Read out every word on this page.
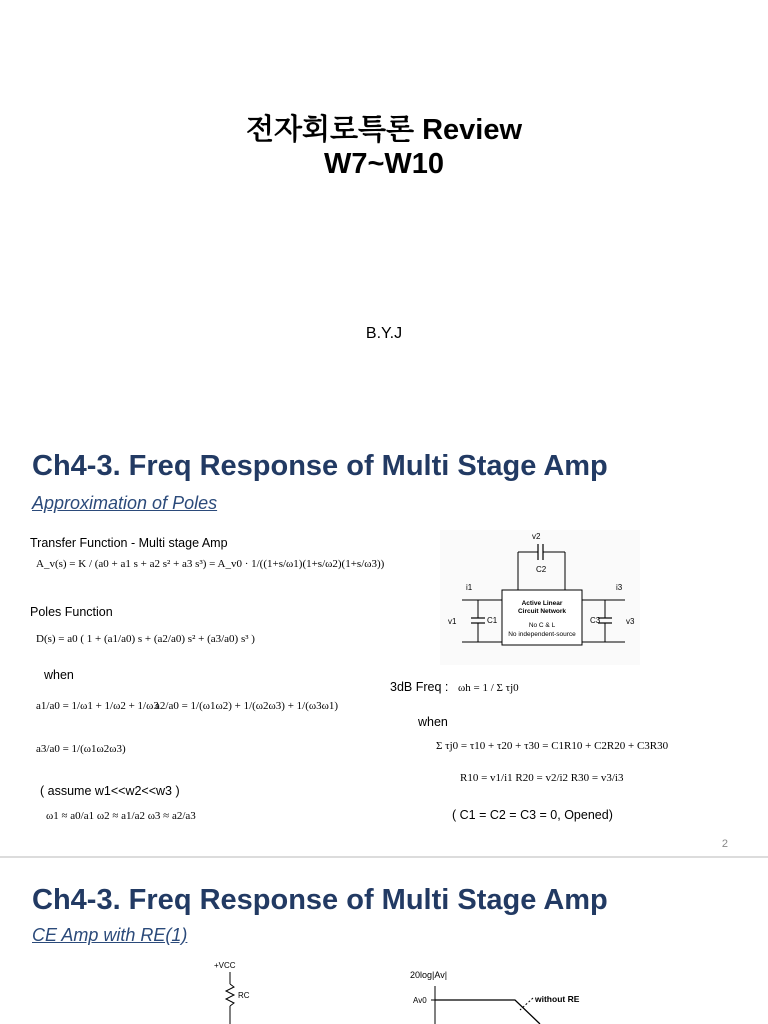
전자회로특론 Review
W7~W10
B.Y.J
Ch4-3. Freq Response of Multi Stage Amp
Approximation of Poles
Transfer Function - Multi stage Amp
A_v(s) = K / (a0 + a1 s + a2 s² + a3 s³) = A_v0 · 1/((1+s/ω1)(1+s/ω2)(1+s/ω3))
Poles Function
D(s) = a0 ( 1 + (a1/a0) s + (a2/a0) s² + (a3/a0) s³ )
when
a1/a0 = 1/ω1 + 1/ω2 + 1/ω3
a2/a0 = 1/(ω1ω2) + 1/(ω2ω3) + 1/(ω3ω1)
a3/a0 = 1/(ω1ω2ω3)
( assume w1<<w2<<w3 )
ω1 ≈ a0/a1 ω2 ≈ a1/a2 ω3 ≈ a2/a3
C2
v2
Active Linear
Circuit Network
No C & L
No independent-source
C1
v1
i1
C3	v3
i3
3dB Freq : ωh = 1 / Σ τj0
when
Σ τj0 = τ10 + τ20 + τ30 = C1R10 + C2R20 + C3R30
R10 = v1/i1 R20 = v2/i2 R30 = v3/i3
( C1 = C2 = C3 = 0, Opened)
2
Ch4-3. Freq Response of Multi Stage Amp
CE Amp with RE(1)
+VCC
RC
20log|Av|
Av0	without RE
